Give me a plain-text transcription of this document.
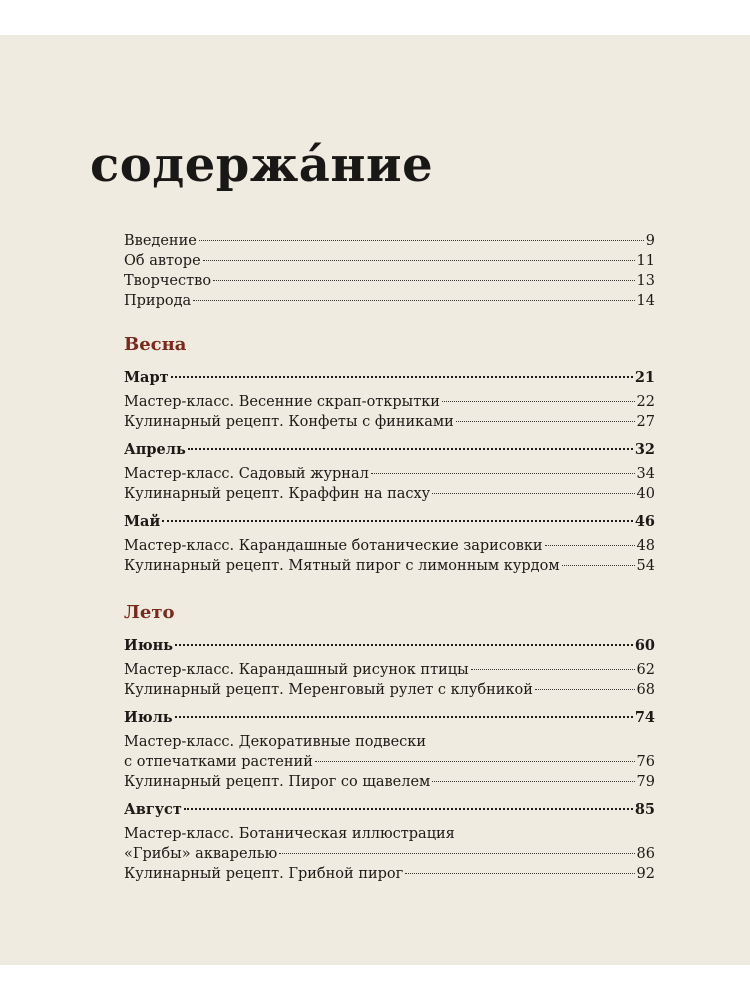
содержáние
Введение	9
Об авторе	11
Творчество	13
Природа	14
Весна
Март	21
Мастер-класс. Весенние скрап-открытки	22
Кулинарный рецепт. Конфеты с финиками	27
Апрель	32
Мастер-класс. Садовый журнал	34
Кулинарный рецепт. Краффин на пасху	40
Май	46
Мастер-класс. Карандашные ботанические зарисовки	48
Кулинарный рецепт. Мятный пирог с лимонным курдом	54
Лето
Июнь	60
Мастер-класс. Карандашный рисунок птицы	62
Кулинарный рецепт. Меренговый рулет с клубникой	68
Июль	74
Мастер-класс. Декоративные подвески
с отпечатками растений	76
Кулинарный рецепт. Пирог со щавелем	79
Август	85
Мастер-класс. Ботаническая иллюстрация
«Грибы» акварелью	86
Кулинарный рецепт. Грибной пирог	92
